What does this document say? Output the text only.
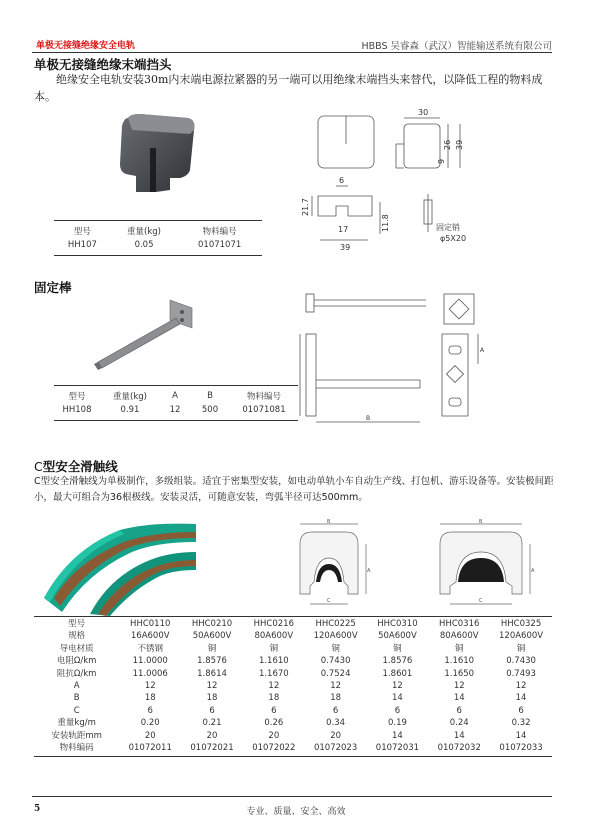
单极无接缝绝缘安全电轨	HBBS 吴睿森（武汉）智能输送系统有限公司
单极无接缝绝缘末端挡头
绝缘安全电轨安装30m内末端电源拉紧器的另一端可以用绝缘末端挡头来替代，以降低工程的物料成本。
30
26 39
9
6
21.7
17
39
11.8	固定销
φ5X20
型号	重量(kg)	物料编号
HH107	0.05	01071071
固定棒
A
B
型号	重量(kg)	A	B	物料编号
HH108	0.91	12	500	01071081
C型安全滑触线
C型安全滑触线为单极制作，多级组装。适宜于密集型安装，如电动单轨小车自动生产线、打包机、游乐设备等。安装极间距小，最大可组合为36根极线。安装灵活，可随意安装，弯弧半径可达500mm。
B
A
C
B
A
C
型号	HHC0110	HHC0210	HHC0216	HHC0225	HHC0310	HHC0316	HHC0325
规格	16A600V	50A600V	80A600V	120A600V	50A600V	80A600V	120A600V
导电材质	不锈钢	铜	铜	铜	铜	铜	铜
电阻Ω/km	11.0000	1.8576	1.1610	0.7430	1.8576	1.1610	0.7430
阻抗Ω/km	11.0006	1.8614	1.1670	0.7524	1.8601	1.1650	0.7493
A	12	12	12	12	12	12	12
B	18	18	18	18	14	14	14
C	6	6	6	6	6	6	6
重量kg/m	0.20	0.21	0.26	0.34	0.19	0.24	0.32
安装轨距mm	20	20	20	20	14	14	14
物料编码	01072011	01072021	01072022	01072023	01072031	01072032	01072033
5	专业、质量、安全、高效
